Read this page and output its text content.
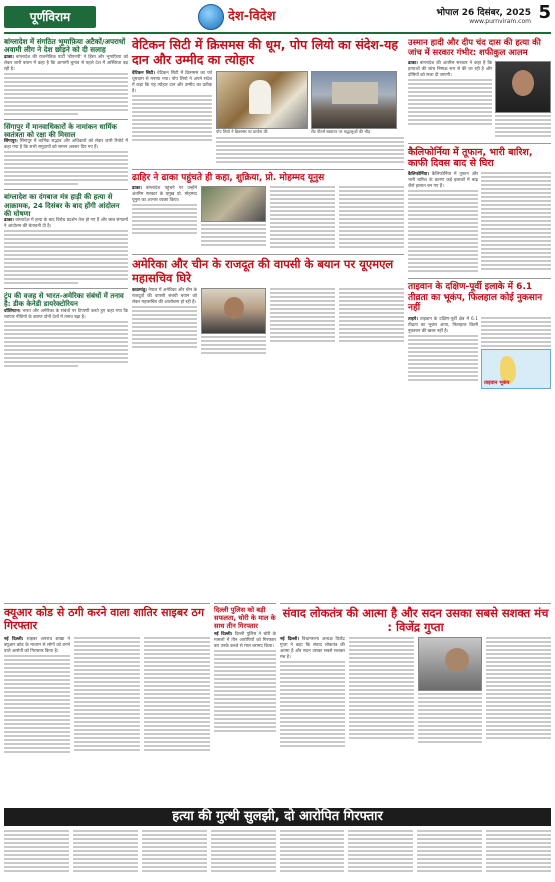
पूर्णविराम	देश-विदेश	भोपाल 26 दिसंबर, 2025
www.purnviram.com 5
बांग्लादेश में संगठित भूमाफ़िया अटैकों/अपराधों अवामी लीग ने देश छोड़ने को दी सलाह

ढाका। बांग्लादेश की राजनीतिक पार्टी 'बीएनपी' ने हिंसा और भूमाफ़िया को लेकर जारी बयान में कहा है कि आगामी चुनाव से पहले देश में अस्थिरता बढ़ रही है।

सिंगापुर में मानवाधिकारों के नामांकन धार्मिक स्वतंत्रता को रक्षा की मिसाल

सिंगापुर। सिंगापुर में धार्मिक सद्भाव और अधिकारों को लेकर जारी रिपोर्ट में कहा गया है कि सभी समुदायों को समान अवसर दिए गए हैं।

बांग्लादेश का दंगबाज मंत्र हाड़ी की हत्या से आक्रामक, 24 दिसंबर के बाद होंगी आंदोलन की घोषणा

ढाका। बांग्लादेश में हत्या के बाद विरोध प्रदर्शन तेज हो गए हैं और छात्र संगठनों ने आंदोलन की चेतावनी दी है।

ट्रंप की वजह से भारत-अमेरिका संबंधों में तनाव है: डीक केनेडी डायरेक्टोरियन

वॉशिंगटन। भारत और अमेरिका के संबंधों पर टिप्पणी करते हुए कहा गया कि व्यापार नीतियों के कारण दोनों देशों में तनाव बढ़ा है।

वेटिकन सिटी में क्रिसमस की धूम, पोप लियो का संदेश-यह दान और उम्मीद का त्योहार

वेटिकन सिटी। वेटिकन सिटी में क्रिसमस का पर्व धूमधाम से मनाया गया। पोप लियो ने अपने संदेश में कहा कि यह त्योहार दान और उम्मीद का प्रतीक है।

पोप लियो ने क्रिसमस पर प्रार्थना की	सेंट पीटर्स स्क्वायर पर श्रद्धालुओं की भीड़
ढाहिर ने ढाका पहुंचते ही कहा, शुक्रिया, प्रो. मोहम्मद यूनुस

ढाका। बांग्लादेश पहुंचने पर उन्होंने अंतरिम सरकार के प्रमुख प्रो. मोहम्मद यूनुस का आभार व्यक्त किया।

अमेरिका और चीन के राजदूत की वापसी के बयान पर यूएमएल महासचिव घिरे

काठमांडू। नेपाल में अमेरिका और चीन के राजदूतों की वापसी संबंधी बयान को लेकर महासचिव की आलोचना हो रही है।

उस्मान हादी और दीप चंद दास की हत्या की जांच में सरकार गंभीर: शफीकुल आलम

ढाका। बांग्लादेश की अंतरिम सरकार ने कहा है कि हत्याओं की जांच निष्पक्ष रूप से की जा रही है और दोषियों को सजा दी जाएगी।

कैलिफोर्निया में तूफान, भारी बारिश, काफी दिवस बाद से घिरा

कैलिफोर्निया। कैलिफोर्निया में तूफान और भारी बारिश के कारण कई इलाकों में बाढ़ जैसे हालात बन गए हैं।

ताइवान के दक्षिण-पूर्वी इलाके में 6.1 तीव्रता का भूकंप, फिलहाल कोई नुकसान नहीं

ताइपे। ताइवान के दक्षिण-पूर्वी क्षेत्र में 6.1 तीव्रता का भूकंप आया, फिलहाल किसी नुकसान की खबर नहीं है।

ताइवान भूकंप
क्यूआर कोड से ठगी करने वाला शातिर साइबर ठग गिरफ्तार

नई दिल्ली। साइबर अपराध शाखा ने क्यूआर कोड के माध्यम से लोगों को ठगने वाले आरोपी को गिरफ्तार किया है।

दिल्ली पुलिस को बड़ी सफलता, चोरी के माल के साथ तीन गिरफ्तार

नई दिल्ली। दिल्ली पुलिस ने चोरी के मामलों में तीन आरोपियों को गिरफ्तार कर उनके कब्जे से माल बरामद किया।

संवाद लोकतंत्र की आत्मा है और सदन उसका सबसे सशक्त मंच : विजेंद्र गुप्ता

नई दिल्ली। विधानसभा अध्यक्ष विजेंद्र गुप्ता ने कहा कि संवाद लोकतंत्र की आत्मा है और सदन उसका सबसे सशक्त मंच है।

हत्या की गुत्थी सुलझी, दो आरोपित गिरफ्तार
